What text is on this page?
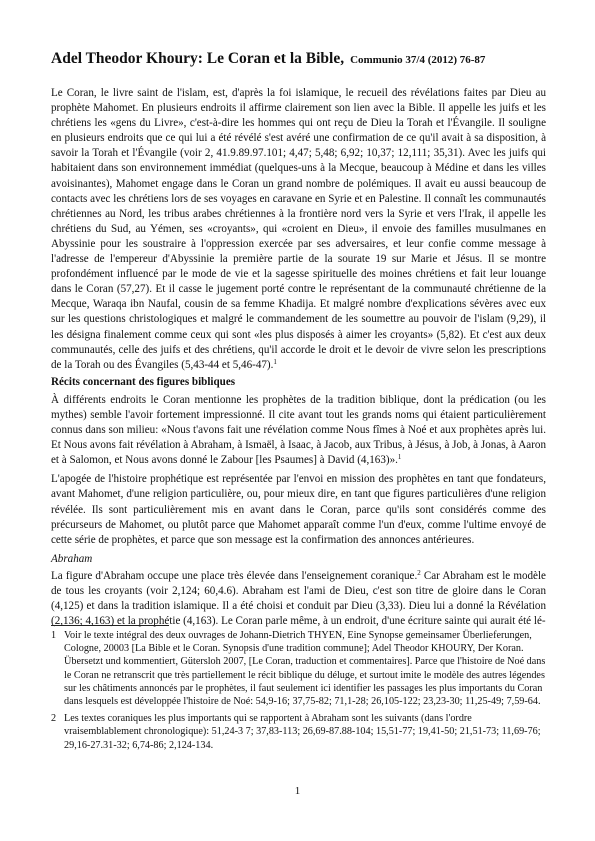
Adel Theodor Khoury: Le Coran et la Bible, Communio 37/4 (2012) 76-87

Le Coran, le livre saint de l'islam, est, d'après la foi islamique, le recueil des révélations faites par Dieu au prophète Mahomet. En plusieurs endroits il affirme clairement son lien avec la Bible. Il appelle les juifs et les chrétiens les «gens du Livre», c'est-à-dire les hommes qui ont reçu de Dieu la Torah et l'Évangile. Il souligne en plusieurs endroits que ce qui lui a été révélé s'est avéré une confirmation de ce qu'il avait à sa disposition, à savoir la Torah et l'Évangile (voir 2, 41.9.89.97.101; 4,47; 5,48; 6,92; 10,37; 12,111; 35,31). Avec les juifs qui habitaient dans son environnement immédiat (quelques-uns à la Mecque, beaucoup à Médine et dans les villes avoisinantes), Mahomet engage dans le Coran un grand nombre de polémiques. Il avait eu aussi beaucoup de contacts avec les chrétiens lors de ses voyages en caravane en Syrie et en Palestine. Il connaît les communautés chrétiennes au Nord, les tribus arabes chrétiennes à la frontière nord vers la Syrie et vers l'Irak, il appelle les chrétiens du Sud, au Yémen, ses «croyants», qui «croient en Dieu», il envoie des familles musulmanes en Abyssinie pour les soustraire à l'oppression exercée par ses adversaires, et leur confie comme message à l'adresse de l'empereur d'Abyssinie la première partie de la sourate 19 sur Marie et Jésus. Il se montre profondément influencé par le mode de vie et la sagesse spirituelle des moines chrétiens et fait leur louange dans le Coran (57,27). Et il casse le jugement porté contre le représentant de la communauté chrétienne de la Mecque, Waraqa ibn Naufal, cousin de sa femme Khadija. Et malgré nombre d'explications sévères avec eux sur les questions christologiques et malgré le commandement de les soumettre au pouvoir de l'islam (9,29), il les désigna finalement comme ceux qui sont «les plus disposés à aimer les croyants» (5,82). Et c'est aux deux communautés, celle des juifs et des chrétiens, qu'il accorde le droit et le devoir de vivre selon les prescriptions de la Torah ou des Évangiles (5,43-44 et 5,46-47).$^1$

Récits concernant des figures bibliques

À différents endroits le Coran mentionne les prophètes de la tradition biblique, dont la prédication (ou les mythes) semble l'avoir fortement impressionné. Il cite avant tout les grands noms qui étaient particulièrement connus dans son milieu: «Nous t'avons fait une révélation comme Nous fîmes à Noé et aux prophètes après lui. Et Nous avons fait révélation à Abraham, à Ismaël, à Isaac, à Jacob, aux Tribus, à Jésus, à Job, à Jonas, à Aaron et à Salomon, et Nous avons donné le Zabour [les Psaumes] à David (4,163)».$^1$

L'apogée de l'histoire prophétique est représentée par l'envoi en mission des prophètes en tant que fondateurs, avant Mahomet, d'une religion particulière, ou, pour mieux dire, en tant que figures particulières d'une religion révélée. Ils sont particulièrement mis en avant dans le Coran, parce qu'ils sont considérés comme des précurseurs de Mahomet, ou plutôt parce que Mahomet apparaît comme l'un d'eux, comme l'ultime envoyé de cette série de prophètes, et parce que son message est la confirmation des annonces antérieures.

Abraham

La figure d'Abraham occupe une place très élevée dans l'enseignement coranique.$^2$ Car Abraham est le modèle de tous les croyants (voir 2,124; 60,4.6). Abraham est l'ami de Dieu, c'est son titre de gloire dans le Coran (4,125) et dans la tradition islamique. Il a été choisi et conduit par Dieu (3,33). Dieu lui a donné la Révélation (2,136; 4,163) et la prophétie (4,163). Le Coran parle même, à un endroit, d'une écriture sainte qui aurait été lé-

1 Voir le texte intégral des deux ouvrages de Johann-Dietrich THYEN, Eine Synopse gemeinsamer Überlieferungen, Cologne, 20003 [La Bible et le Coran. Synopsis d'une tradition commune]; Adel Theodor KHOURY, Der Koran. Übersetzt und kommentiert, Gütersloh 2007, [Le Coran, traduction et commentaires]. Parce que l'histoire de Noé dans le Coran ne retranscrit que très partiellement le récit biblique du déluge, et surtout imite le modèle des autres légendes sur les châtiments annoncés par le prophètes, il faut seulement ici identifier les passages les plus importants du Coran dans lesquels est développée l'histoire de Noé: 54,9-16; 37,75-82; 71,1-28; 26,105-122; 23,23-30; 11,25-49; 7,59-64.
2 Les textes coraniques les plus importants qui se rapportent à Abraham sont les suivants (dans l'ordre vraisemblablement chronologique): 51,24-3 7; 37,83-113; 26,69-87.88-104; 15,51-77; 19,41-50; 21,51-73; 11,69-76; 29,16-27.31-32; 6,74-86; 2,124-134.
1
